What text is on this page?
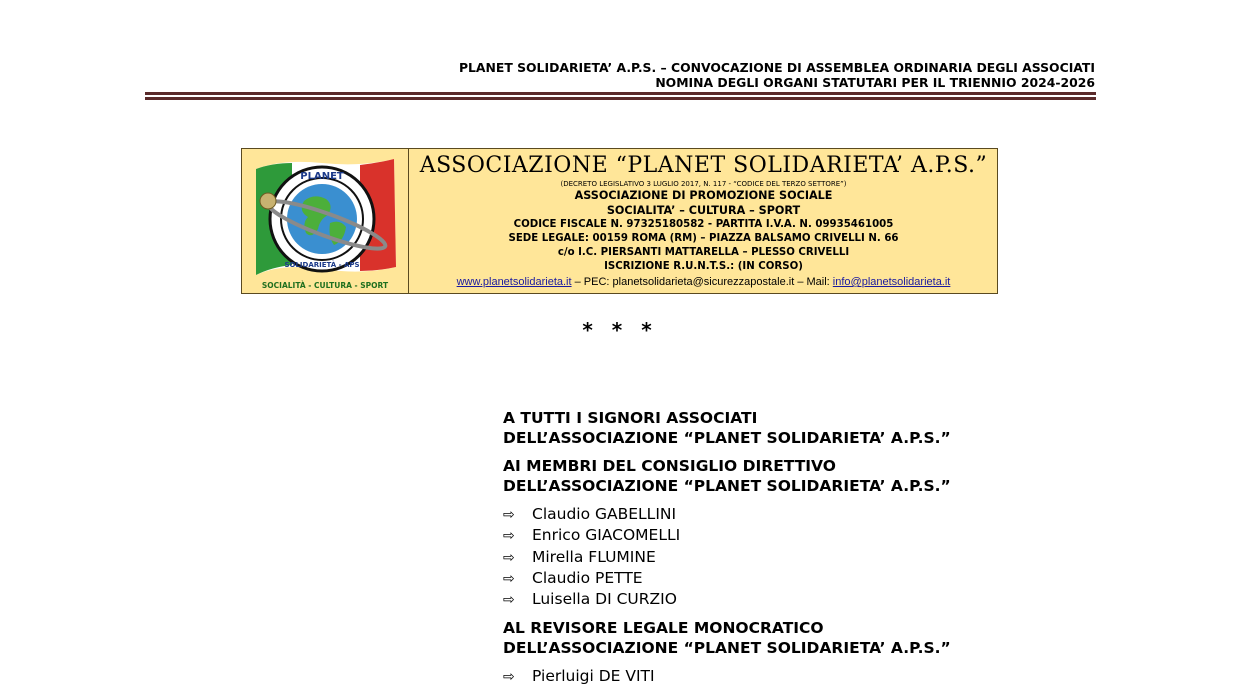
PLANET SOLIDARIETA’ A.P.S. – CONVOCAZIONE DI ASSEMBLEA ORDINARIA DEGLI ASSOCIATI
NOMINA DEGLI ORGANI STATUTARI PER IL TRIENNIO 2024-2026
PLANET
SOLIDARIETÀ - APS
SOCIALITÀ - CULTURA - SPORT
ASSOCIAZIONE “PLANET SOLIDARIETA’ A.P.S.”
(DECRETO LEGISLATIVO 3 LUGLIO 2017, N. 117 - “CODICE DEL TERZO SETTORE”)
ASSOCIAZIONE DI PROMOZIONE SOCIALE
SOCIALITA’ – CULTURA – SPORT
CODICE FISCALE N. 97325180582 - PARTITA I.V.A. N. 09935461005
SEDE LEGALE: 00159 ROMA (RM) – PIAZZA BALSAMO CRIVELLI N. 66
c/o I.C. PIERSANTI MATTARELLA – PLESSO CRIVELLI
ISCRIZIONE R.U.N.T.S.: (IN CORSO)
www.planetsolidarieta.it – PEC: planetsolidarieta@sicurezzapostale.it – Mail: info@planetsolidarieta.it
* * *
A TUTTI I SIGNORI ASSOCIATI
DELL’ASSOCIAZIONE “PLANET SOLIDARIETA’ A.P.S.”
AI MEMBRI DEL CONSIGLIO DIRETTIVO
DELL’ASSOCIAZIONE “PLANET SOLIDARIETA’ A.P.S.”
⇨ Claudio GABELLINI
⇨ Enrico GIACOMELLI
⇨ Mirella FLUMINE
⇨ Claudio PETTE
⇨ Luisella DI CURZIO
AL REVISORE LEGALE MONOCRATICO
DELL’ASSOCIAZIONE “PLANET SOLIDARIETA’ A.P.S.”
⇨ Pierluigi DE VITI
